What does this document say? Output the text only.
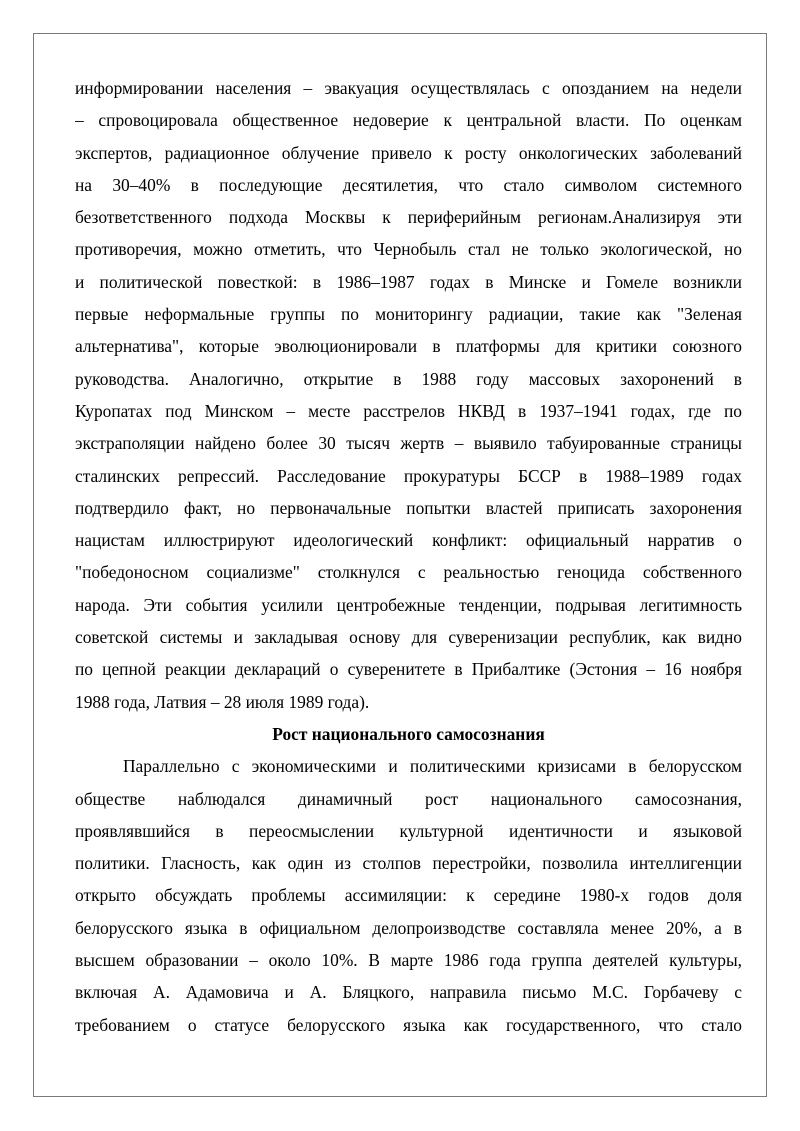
информировании населения – эвакуация осуществлялась с опозданием на недели
– спровоцировала общественное недоверие к центральной власти. По оценкам
экспертов, радиационное облучение привело к росту онкологических заболеваний
на 30–40% в последующие десятилетия, что стало символом системного
безответственного подхода Москвы к периферийным регионам.Анализируя эти
противоречия, можно отметить, что Чернобыль стал не только экологической, но
и политической повесткой: в 1986–1987 годах в Минске и Гомеле возникли
первые неформальные группы по мониторингу радиации, такие как "Зеленая
альтернатива", которые эволюционировали в платформы для критики союзного
руководства. Аналогично, открытие в 1988 году массовых захоронений в
Куропатах под Минском – месте расстрелов НКВД в 1937–1941 годах, где по
экстраполяции найдено более 30 тысяч жертв – выявило табуированные страницы
сталинских репрессий. Расследование прокуратуры БССР в 1988–1989 годах
подтвердило факт, но первоначальные попытки властей приписать захоронения
нацистам иллюстрируют идеологический конфликт: официальный нарратив о
"победоносном социализме" столкнулся с реальностью геноцида собственного
народа. Эти события усилили центробежные тенденции, подрывая легитимность
советской системы и закладывая основу для суверенизации республик, как видно
по цепной реакции деклараций о суверенитете в Прибалтике (Эстония – 16 ноября
1988 года, Латвия – 28 июля 1989 года).
Рост национального самосознания
Параллельно с экономическими и политическими кризисами в белорусском
обществе наблюдался динамичный рост национального самосознания,
проявлявшийся в переосмыслении культурной идентичности и языковой
политики. Гласность, как один из столпов перестройки, позволила интеллигенции
открыто обсуждать проблемы ассимиляции: к середине 1980-х годов доля
белорусского языка в официальном делопроизводстве составляла менее 20%, а в
высшем образовании – около 10%. В марте 1986 года группа деятелей культуры,
включая А. Адамовича и А. Бляцкого, направила письмо М.С. Горбачеву с
требованием о статусе белорусского языка как государственного, что стало
